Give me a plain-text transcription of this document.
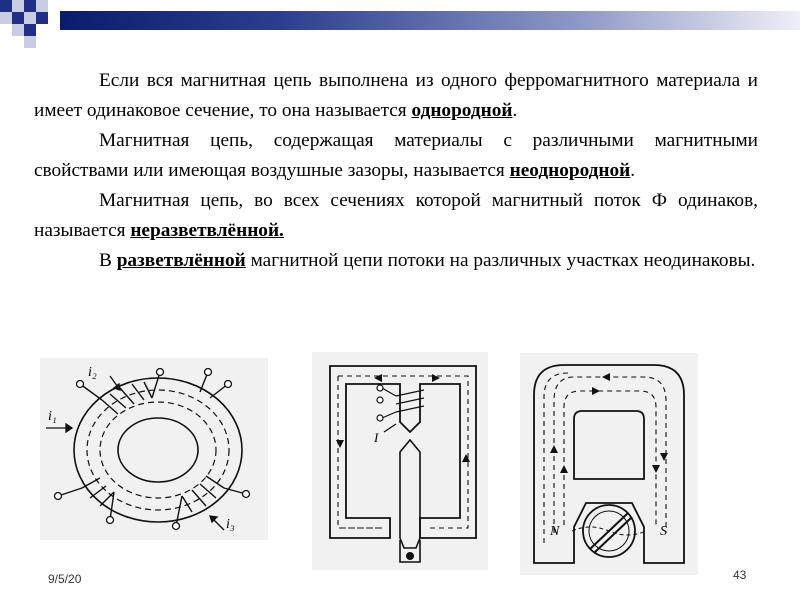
Если вся магнитная цепь выполнена из одного ферромагнитного материала и имеет одинаковое сечение, то она называется однородной.

Магнитная цепь, содержащая материалы с различными магнитными свойствами или имеющая воздушные зазоры, называется неоднородной.

Магнитная цепь, во всех сечениях которой магнитный поток Ф одинаков, называется неразветвлённой.

В разветвлённой магнитной цепи потоки на различных участках неодинаковы.

i₁
i₂
i₃
I
N	S
9/5/20	43
